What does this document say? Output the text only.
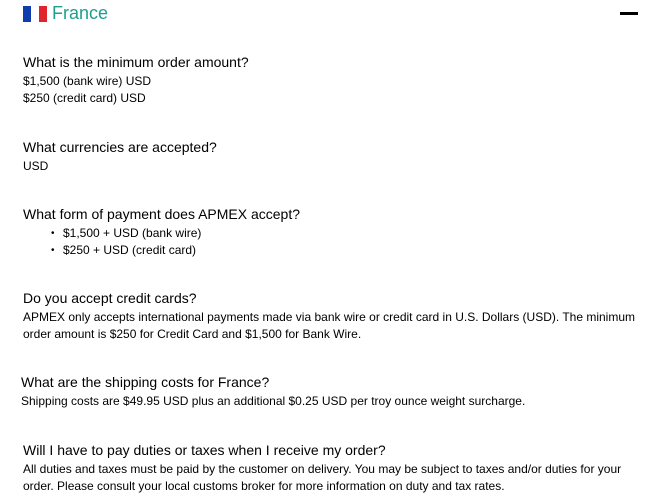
France
What is the minimum order amount?

$1,500 (bank wire) USD

$250 (credit card) USD

What currencies are accepted?

USD

What form of payment does APMEX accept?
• $1,500 + USD (bank wire)
• $250 + USD (credit card)
Do you accept credit cards?

APMEX only accepts international payments made via bank wire or credit card in U.S. Dollars (USD). The minimum

order amount is $250 for Credit Card and $1,500 for Bank Wire.

What are the shipping costs for France?

Shipping costs are $49.95 USD plus an additional $0.25 USD per troy ounce weight surcharge.

Will I have to pay duties or taxes when I receive my order?

All duties and taxes must be paid by the customer on delivery. You may be subject to taxes and/or duties for your

order. Please consult your local customs broker for more information on duty and tax rates.
